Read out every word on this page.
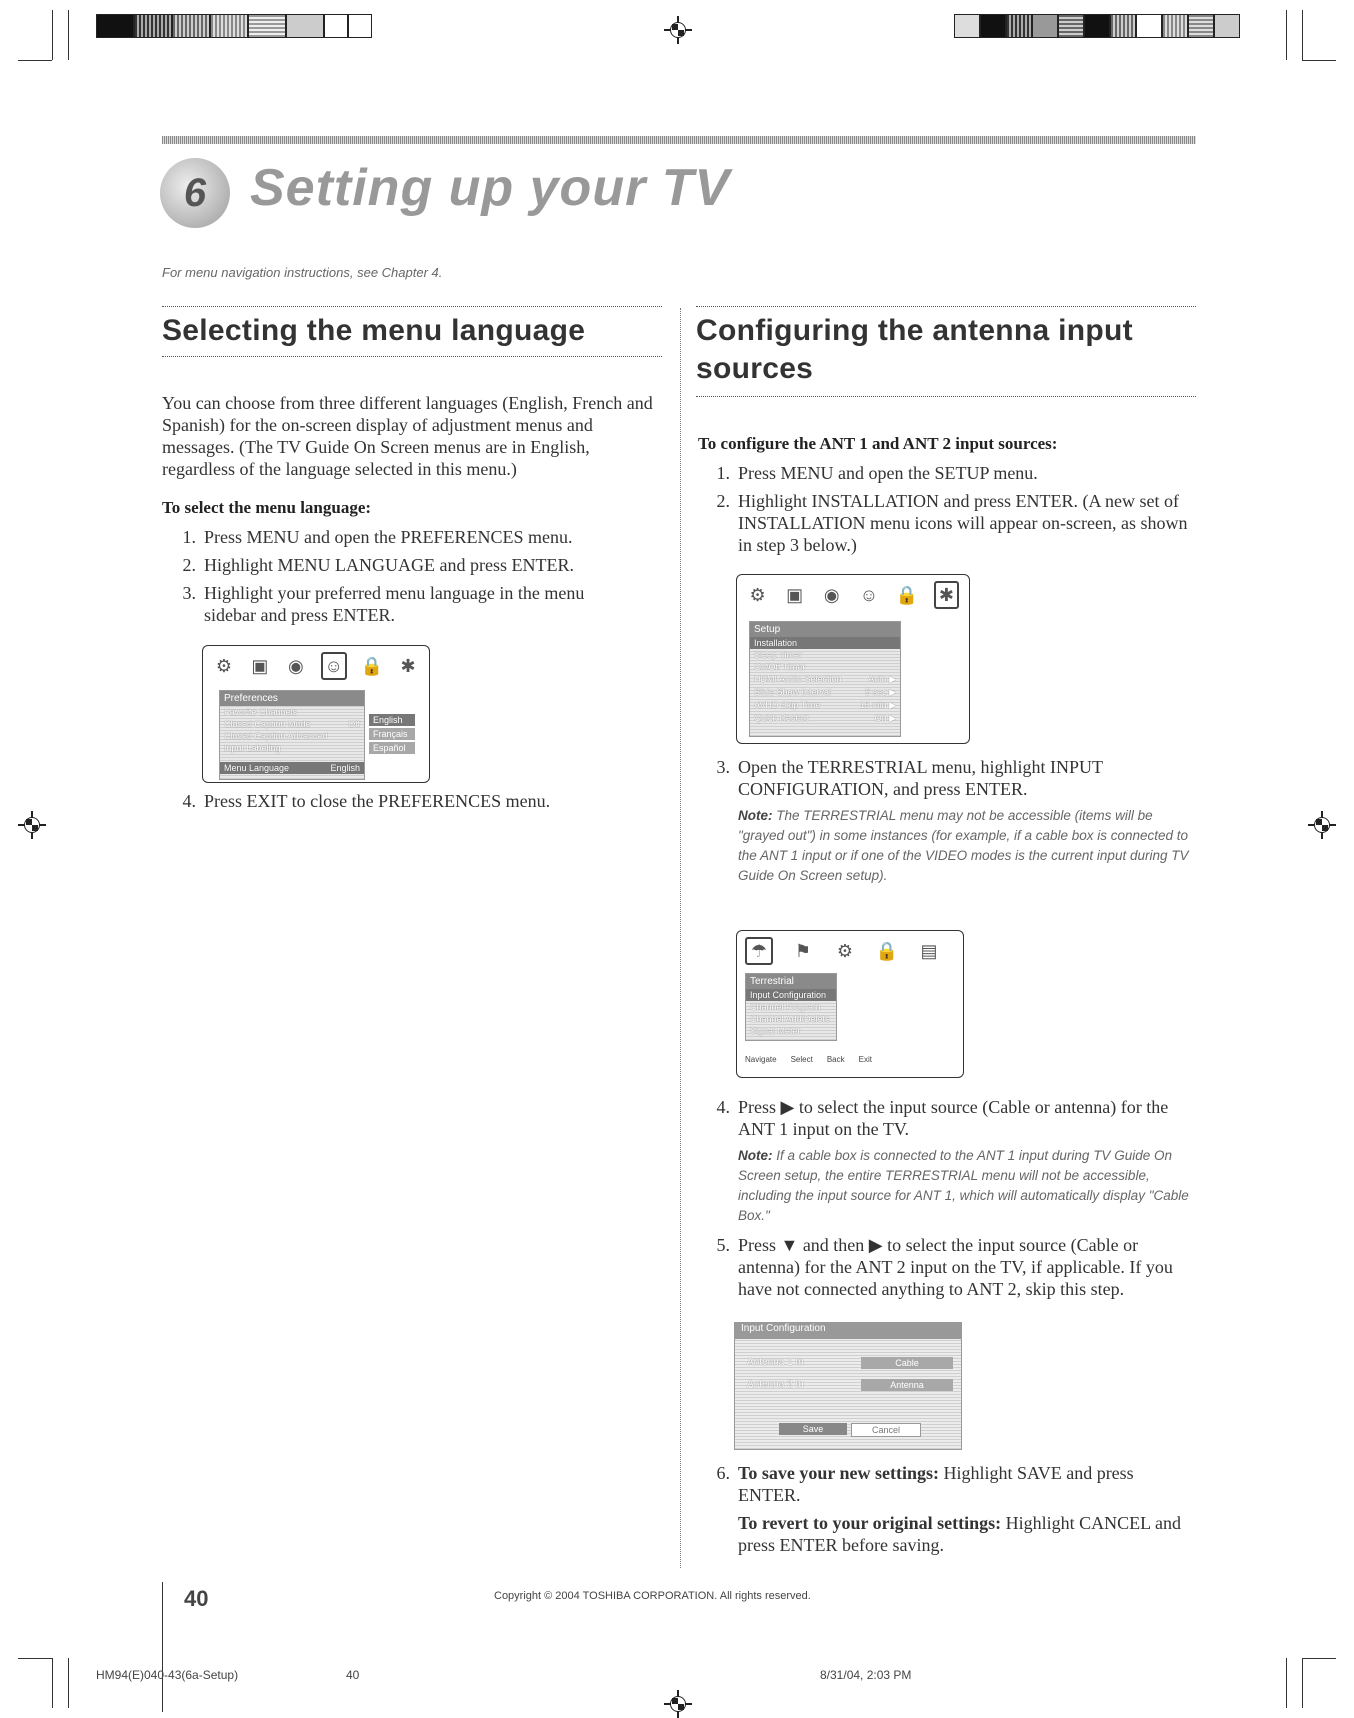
6 Setting up your TV
For menu navigation instructions, see Chapter 4.
Selecting the menu language
You can choose from three different languages (English, French and Spanish) for the on-screen display of adjustment menus and messages. (The TV Guide On Screen menus are in English, regardless of the language selected in this menu.)
To select the menu language:
1. Press MENU and open the PREFERENCES menu.
2. Highlight MENU LANGUAGE and press ENTER.
3. Highlight your preferred menu language in the menu sidebar and press ENTER.
⚙ ▣ ◉ ☺ 🔒 ✱
Preferences
Favorite Channels
Closed Caption Mode	Off
Closed Caption Advanced
Input Labeling
Menu Language	English
English
Français
Español
4. Press EXIT to close the PREFERENCES menu.
Configuring the antenna input
sources
To configure the ANT 1 and ANT 2 input sources:
1. Press MENU and open the SETUP menu.
2. Highlight INSTALLATION and press ENTER. (A new set of INSTALLATION menu icons will appear on-screen, as shown in step 3 below.)
⚙ ▣ ◉ ☺ 🔒 ✱
Setup
Installation
Sleep Timer
On/Off Timer
HDMI Audio Selection	Auto ▶
Slide Show Interval	5 sec ▶
AVHD Skip Time	15 min ▶
Quick Restart	On ▶
3. Open the TERRESTRIAL menu, highlight INPUT CONFIGURATION, and press ENTER.
Note: The TERRESTRIAL menu may not be accessible (items will be "grayed out") in some instances (for example, if a cable box is connected to the ANT 1 input or if one of the VIDEO modes is the current input during TV Guide On Screen setup).
☂	⚑ ⚙ 🔒 ▤
Terrestrial
Input Configuration
Channel Program
Channel Add/Delete
Signal Meter
Navigate Select Back Exit
4. Press ▶ to select the input source (Cable or antenna) for the ANT 1 input on the TV.
Note: If a cable box is connected to the ANT 1 input during TV Guide On Screen setup, the entire TERRESTRIAL menu will not be accessible, including the input source for ANT 1, which will automatically display "Cable Box."
5. Press ▼ and then ▶ to select the input source (Cable or antenna) for the ANT 2 input on the TV, if applicable. If you have not connected anything to ANT 2, skip this step.
Input Configuration
Antenna 1 In	Cable
Antenna 2 In	Antenna
Save	Cancel
6. To save your new settings: Highlight SAVE and press ENTER.
To revert to your original settings: Highlight CANCEL and press ENTER before saving.
40	Copyright © 2004 TOSHIBA CORPORATION. All rights reserved.
HM94(E)040-43(6a-Setup)	40	8/31/04, 2:03 PM
